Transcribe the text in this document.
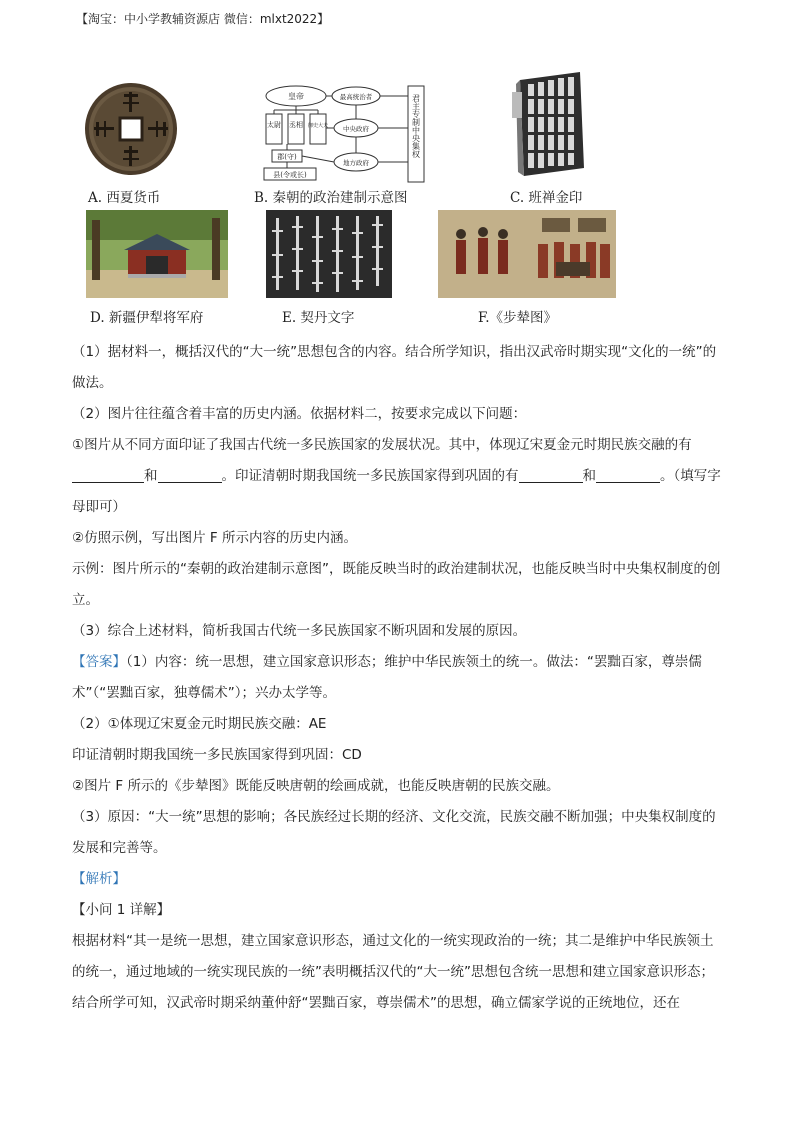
【淘宝：中小学教辅资源店 微信：mlxt2022】
A. 西夏货币
皇帝	最高统治者
太尉 丞相 御史大夫 中央政府
郡(守)
县(令或长)
地方政府
君主专制中央集权
B. 秦朝的政治建制示意图	C. 班禅金印
D. 新疆伊犁将军府	E. 契丹文字	F.《步辇图》

（1）据材料一，概括汉代的“大一统”思想包含的内容。结合所学知识，指出汉武帝时期实现“文化的一统”的做法。

（2）图片往往蕴含着丰富的历史内涵。依据材料二，按要求完成以下问题：

①图片从不同方面印证了我国古代统一多民族国家的发展状况。其中，体现辽宋夏金元时期民族交融的有和	。印证清朝时期我国统一多民族国家得到巩固的有	和	。（填写字母即可）

②仿照示例，写出图片 F 所示内容的历史内涵。

示例：图片所示的“秦朝的政治建制示意图”，既能反映当时的政治建制状况，也能反映当时中央集权制度的创立。

（3）综合上述材料，简析我国古代统一多民族国家不断巩固和发展的原因。

【答案】（1）内容：统一思想，建立国家意识形态；维护中华民族领土的统一。做法：“罢黜百家，尊崇儒术”（“罢黜百家，独尊儒术”）；兴办太学等。

（2）①体现辽宋夏金元时期民族交融：AE

印证清朝时期我国统一多民族国家得到巩固：CD

②图片 F 所示的《步辇图》既能反映唐朝的绘画成就，也能反映唐朝的民族交融。

（3）原因：“大一统”思想的影响；各民族经过长期的经济、文化交流，民族交融不断加强；中央集权制度的发展和完善等。

【解析】

【小问 1 详解】

根据材料“其一是统一思想，建立国家意识形态，通过文化的一统实现政治的一统；其二是维护中华民族领土的统一，通过地域的一统实现民族的一统”表明概括汉代的“大一统”思想包含统一思想和建立国家意识形态；结合所学可知，汉武帝时期采纳董仲舒“罢黜百家，尊崇儒术”的思想，确立儒家学说的正统地位，还在
